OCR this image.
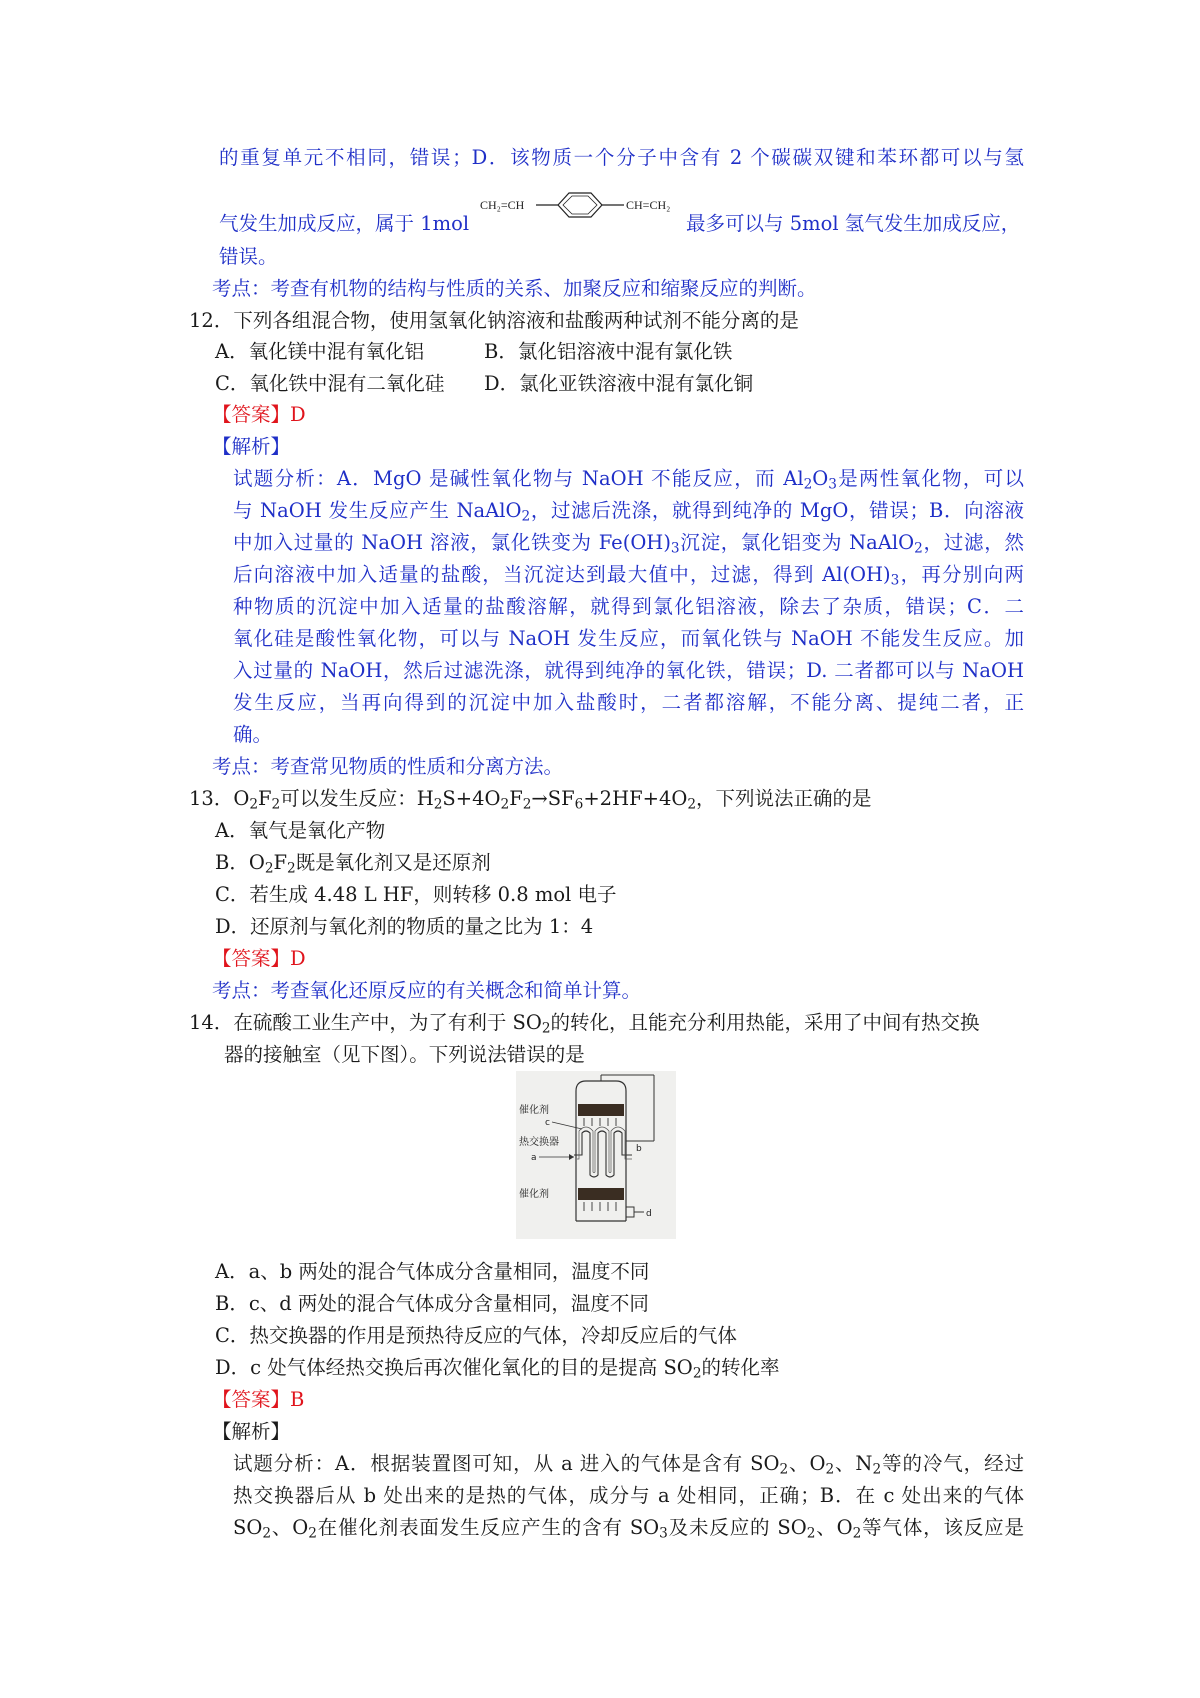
的重复单元不相同，错误；D．该物质一个分子中含有 2 个碳碳双键和苯环都可以与氢
气发生加成反应，属于 1mol
CH₂=CH	CH=CH₂
最多可以与 5mol 氢气发生加成反应，
错误。
考点：考查有机物的结构与性质的关系、加聚反应和缩聚反应的判断。
12．下列各组混合物，使用氢氧化钠溶液和盐酸两种试剂不能分离的是
A．氧化镁中混有氧化铝	B．氯化铝溶液中混有氯化铁
C．氧化铁中混有二氧化硅 D．氯化亚铁溶液中混有氯化铜
【答案】D
【解析】
试题分析：A．MgO 是碱性氧化物与 NaOH 不能反应，而 $Al_2O_3$是两性氧化物，可以
与 NaOH 发生反应产生 NaAlO$_2$，过滤后洗涤，就得到纯净的 MgO，错误；B．向溶液
中加入过量的 NaOH 溶液，氯化铁变为 $Fe(OH)_3$沉淀，氯化铝变为 NaAlO$_2$，过滤，然
后向溶液中加入适量的盐酸，当沉淀达到最大值中，过滤，得到 $Al(OH)_3$，再分别向两
种物质的沉淀中加入适量的盐酸溶解，就得到氯化铝溶液，除去了杂质，错误；C．二
氧化硅是酸性氧化物，可以与 NaOH 发生反应，而氧化铁与 NaOH 不能发生反应。加
入过量的 NaOH，然后过滤洗涤，就得到纯净的氧化铁，错误；D. 二者都可以与 NaOH
发生反应，当再向得到的沉淀中加入盐酸时，二者都溶解，不能分离、提纯二者，正
确。
考点：考查常见物质的性质和分离方法。
13．$O_2F_2$可以发生反应：$H_2S+4O_2F_2\to SF_6+2HF+4O_2$，下列说法正确的是
A．氧气是氧化产物
B．$O_2F_2$既是氧化剂又是还原剂
C．若生成 4.48 L HF，则转移 0.8 mol 电子
D．还原剂与氧化剂的物质的量之比为 1：4
【答案】D
考点：考查氧化还原反应的有关概念和简单计算。
14．在硫酸工业生产中，为了有利于 $SO_2$的转化，且能充分利用热能，采用了中间有热交换
器的接触室（见下图）。下列说法错误的是
催化剂
c
热交换器
a
b
催化剂
d
A．a、b 两处的混合气体成分含量相同，温度不同
B．c、d 两处的混合气体成分含量相同，温度不同
C．热交换器的作用是预热待反应的气体，冷却反应后的气体
D．c 处气体经热交换后再次催化氧化的目的是提高 $SO_2$的转化率
【答案】B
【解析】
试题分析：A．根据装置图可知，从 a 进入的气体是含有 $SO_2$、$O_2$、$N_2$等的冷气，经过
热交换器后从 b 处出来的是热的气体，成分与 a 处相同，正确；B．在 c 处出来的气体
$SO_2$、$O_2$在催化剂表面发生反应产生的含有 $SO_3$及未反应的 $SO_2$、$O_2$等气体，该反应是
